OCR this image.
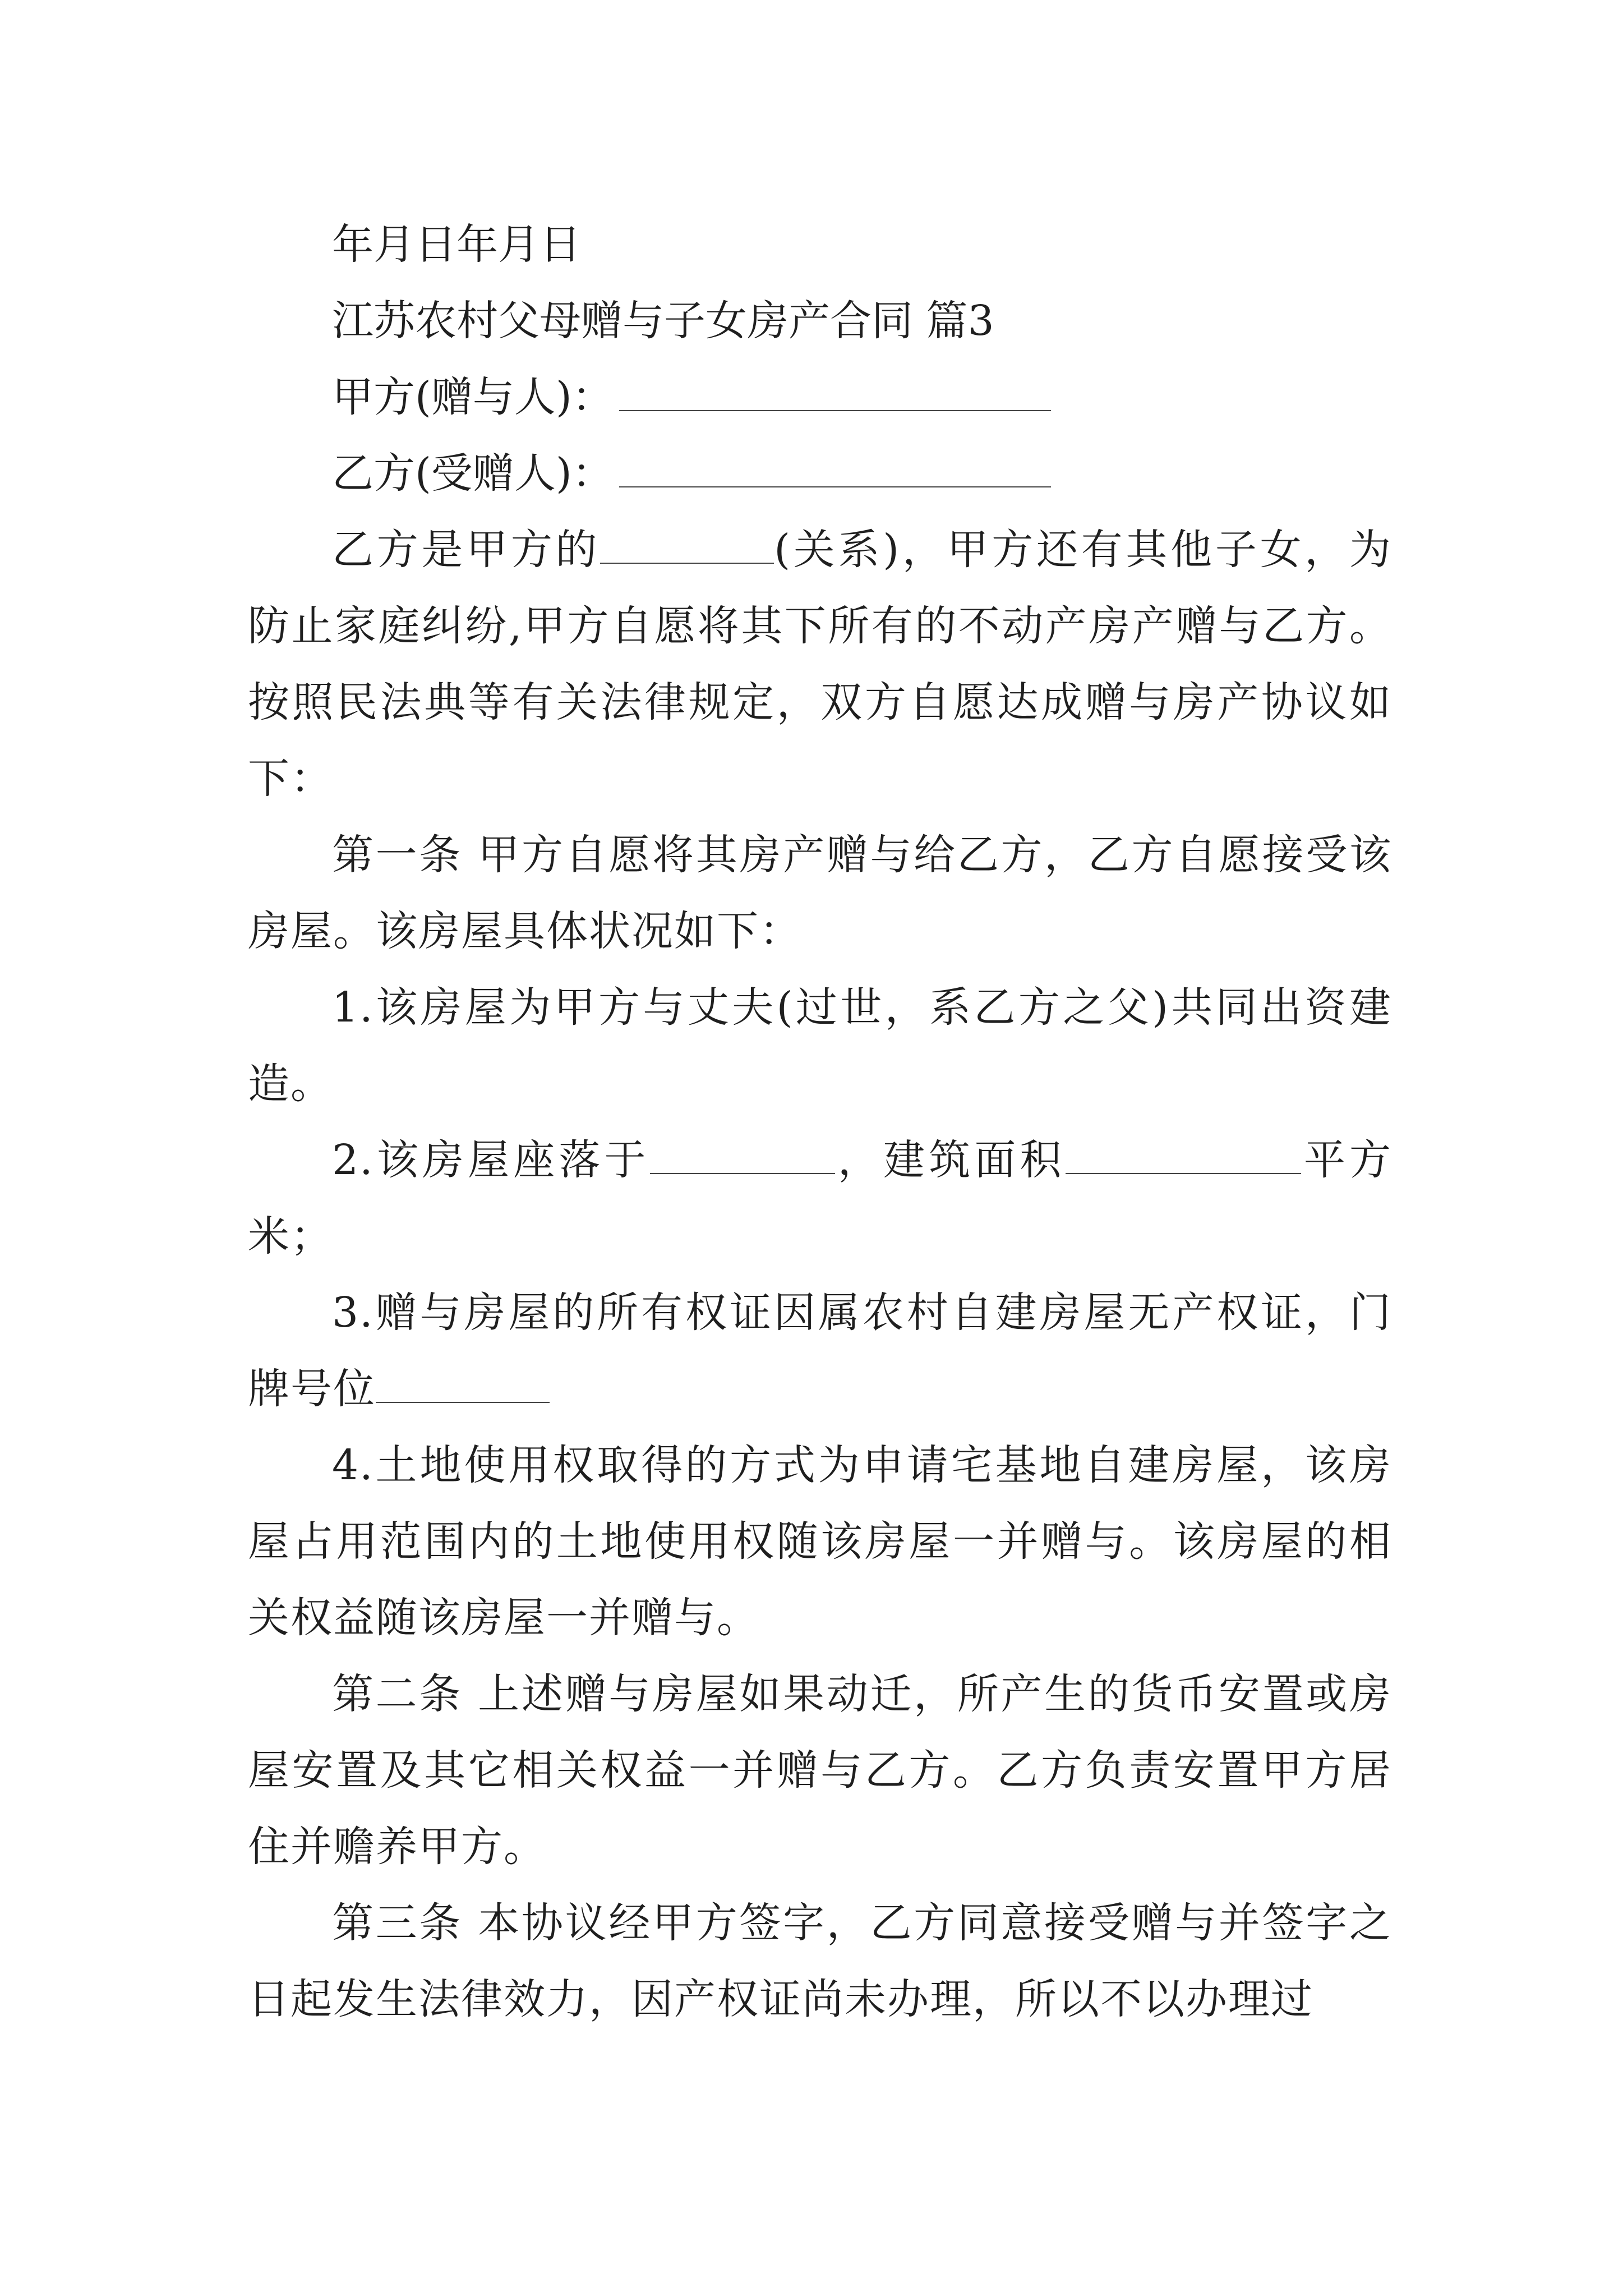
年月日年月日

江苏农村父母赠与子女房产合同 篇3

甲方(赠与人)：

乙方(受赠人)：

乙方是甲方的	(关系)，甲方还有其他子女，为防止家庭纠纷,甲方自愿将其下所有的不动产房产赠与乙方。按照民法典等有关法律规定，双方自愿达成赠与房产协议如下：

第一条 甲方自愿将其房产赠与给乙方，乙方自愿接受该房屋。该房屋具体状况如下：

1.该房屋为甲方与丈夫(过世，系乙方之父)共同出资建造。

2.该房屋座落于	，建筑面积	平方米；

3.赠与房屋的所有权证因属农村自建房屋无产权证，门牌号位

4.土地使用权取得的方式为申请宅基地自建房屋，该房屋占用范围内的土地使用权随该房屋一并赠与。该房屋的相关权益随该房屋一并赠与。

第二条 上述赠与房屋如果动迁，所产生的货币安置或房屋安置及其它相关权益一并赠与乙方。乙方负责安置甲方居住并赡养甲方。

第三条 本协议经甲方签字，乙方同意接受赠与并签字之日起发生法律效力，因产权证尚未办理，所以不以办理过
